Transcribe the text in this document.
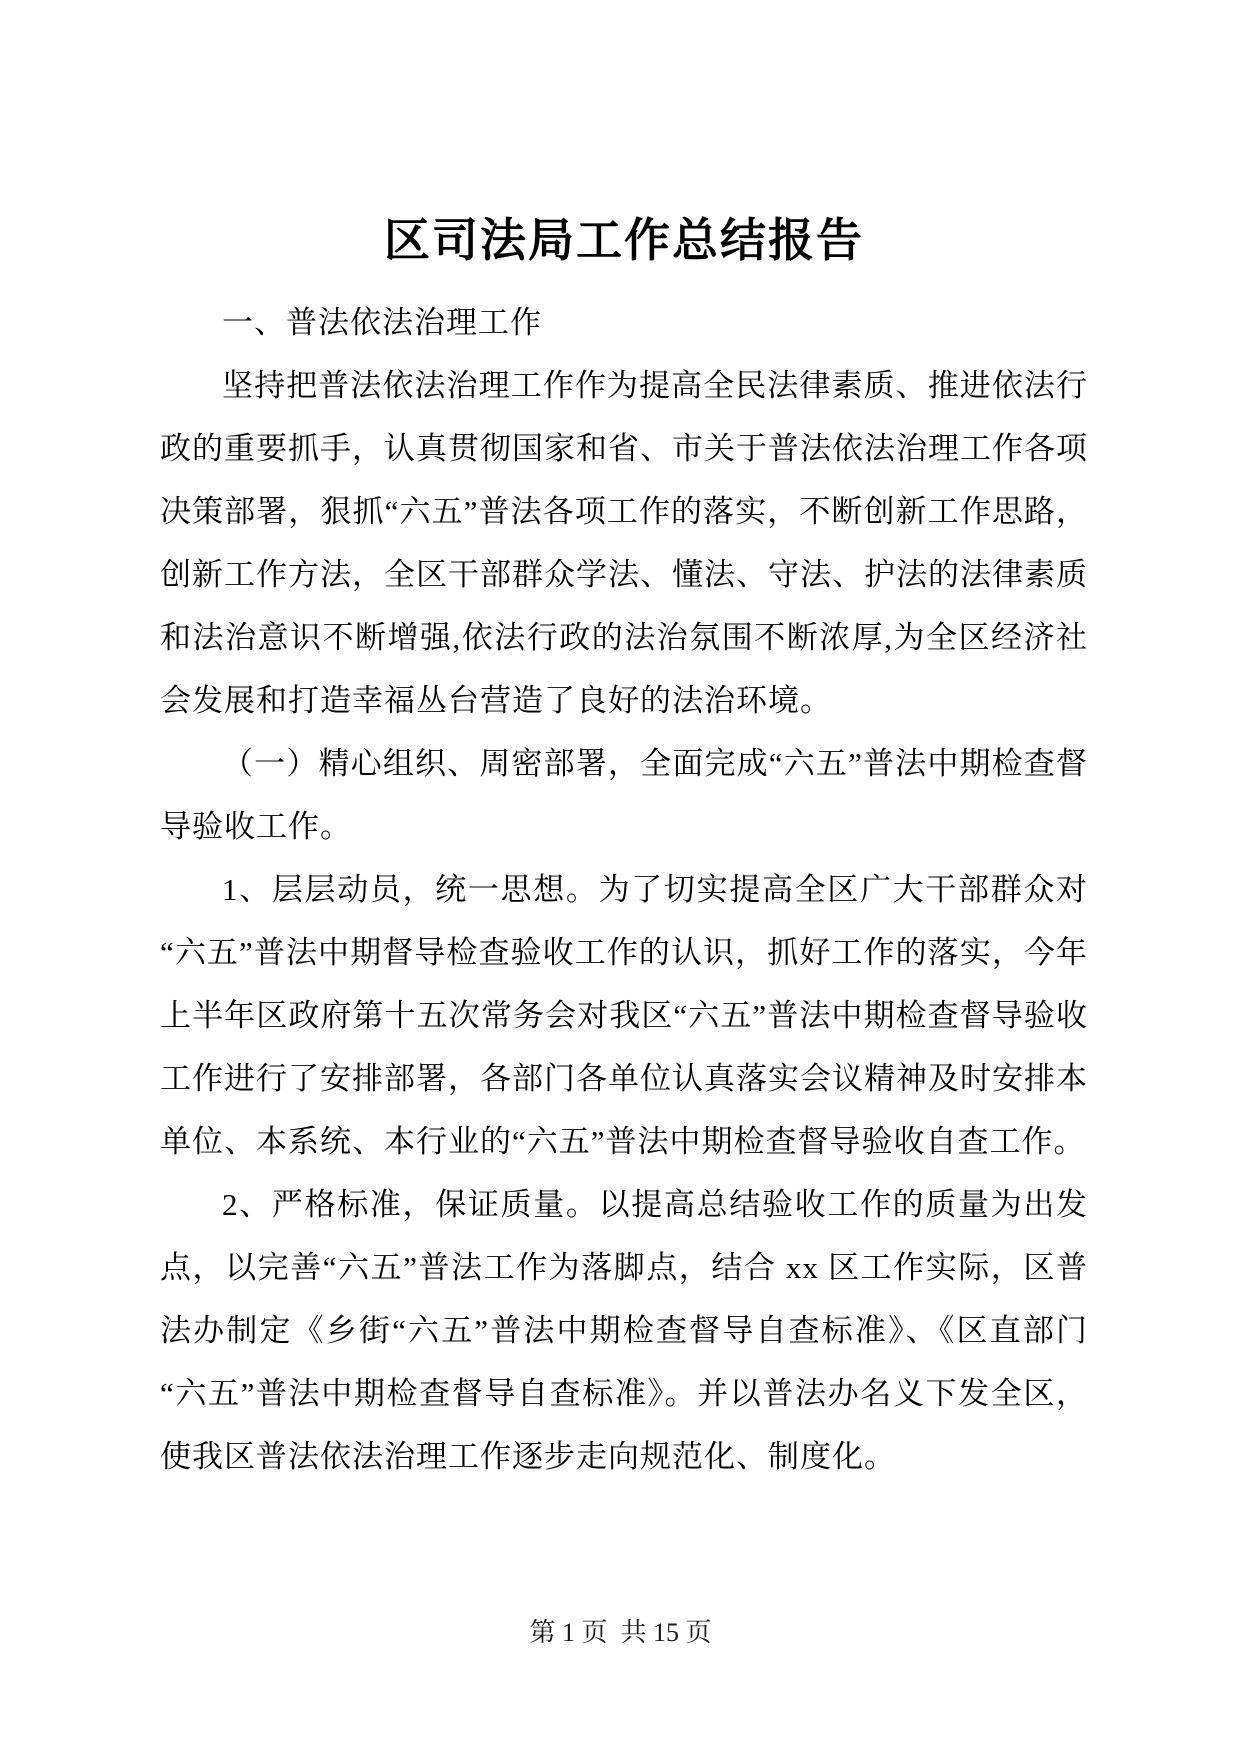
区司法局工作总结报告

一、普法依法治理工作

坚持把普法依法治理工作作为提高全民法律素质、推进依法行政的重要抓手，认真贯彻国家和省、市关于普法依法治理工作各项决策部署，狠抓“六五”普法各项工作的落实，不断创新工作思路，创新工作方法，全区干部群众学法、懂法、守法、护法的法律素质和法治意识不断增强,依法行政的法治氛围不断浓厚,为全区经济社会发展和打造幸福丛台营造了良好的法治环境。

（一）精心组织、周密部署，全面完成“六五”普法中期检查督导验收工作。

1、层层动员，统一思想。为了切实提高全区广大干部群众对“六五”普法中期督导检查验收工作的认识，抓好工作的落实，今年上半年区政府第十五次常务会对我区“六五”普法中期检查督导验收工作进行了安排部署，各部门各单位认真落实会议精神及时安排本单位、本系统、本行业的“六五”普法中期检查督导验收自查工作。

2、严格标准，保证质量。以提高总结验收工作的质量为出发点，以完善“六五”普法工作为落脚点，结合 xx 区工作实际，区普法办制定《乡街“六五”普法中期检查督导自查标准》、《区直部门“六五”普法中期检查督导自查标准》。并以普法办名义下发全区，使我区普法依法治理工作逐步走向规范化、制度化。

第 1 页  共 15 页
